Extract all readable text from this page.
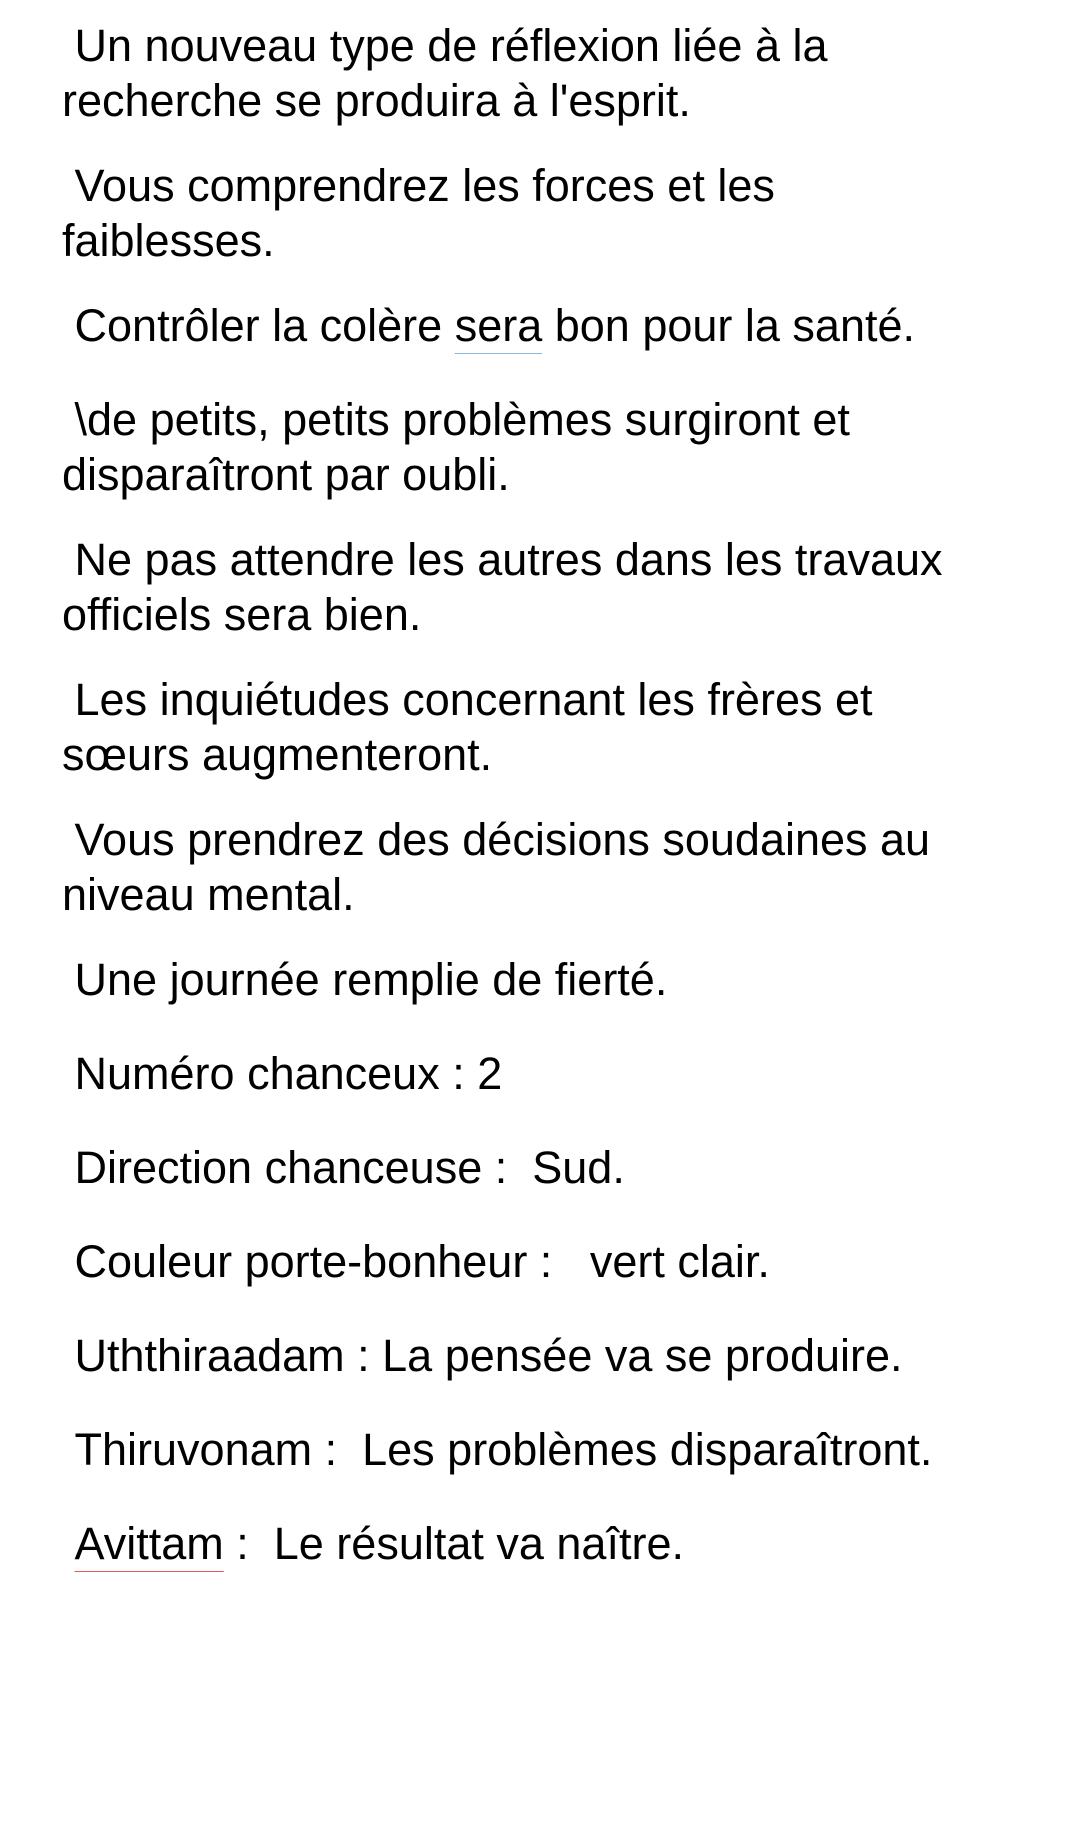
Un nouveau type de réflexion liée à la
recherche se produira à l'esprit.

Vous comprendrez les forces et les
faiblesses.

Contrôler la colère sera bon pour la santé.

\de petits, petits problèmes surgiront et
disparaîtront par oubli.

Ne pas attendre les autres dans les travaux
officiels sera bien.

Les inquiétudes concernant les frères et
sœurs augmenteront.

Vous prendrez des décisions soudaines au
niveau mental.

Une journée remplie de fierté.

Numéro chanceux : 2

Direction chanceuse :  Sud.

Couleur porte-bonheur :   vert clair.

Uththiraadam : La pensée va se produire.

Thiruvonam :  Les problèmes disparaîtront.

Avittam :  Le résultat va naître.
